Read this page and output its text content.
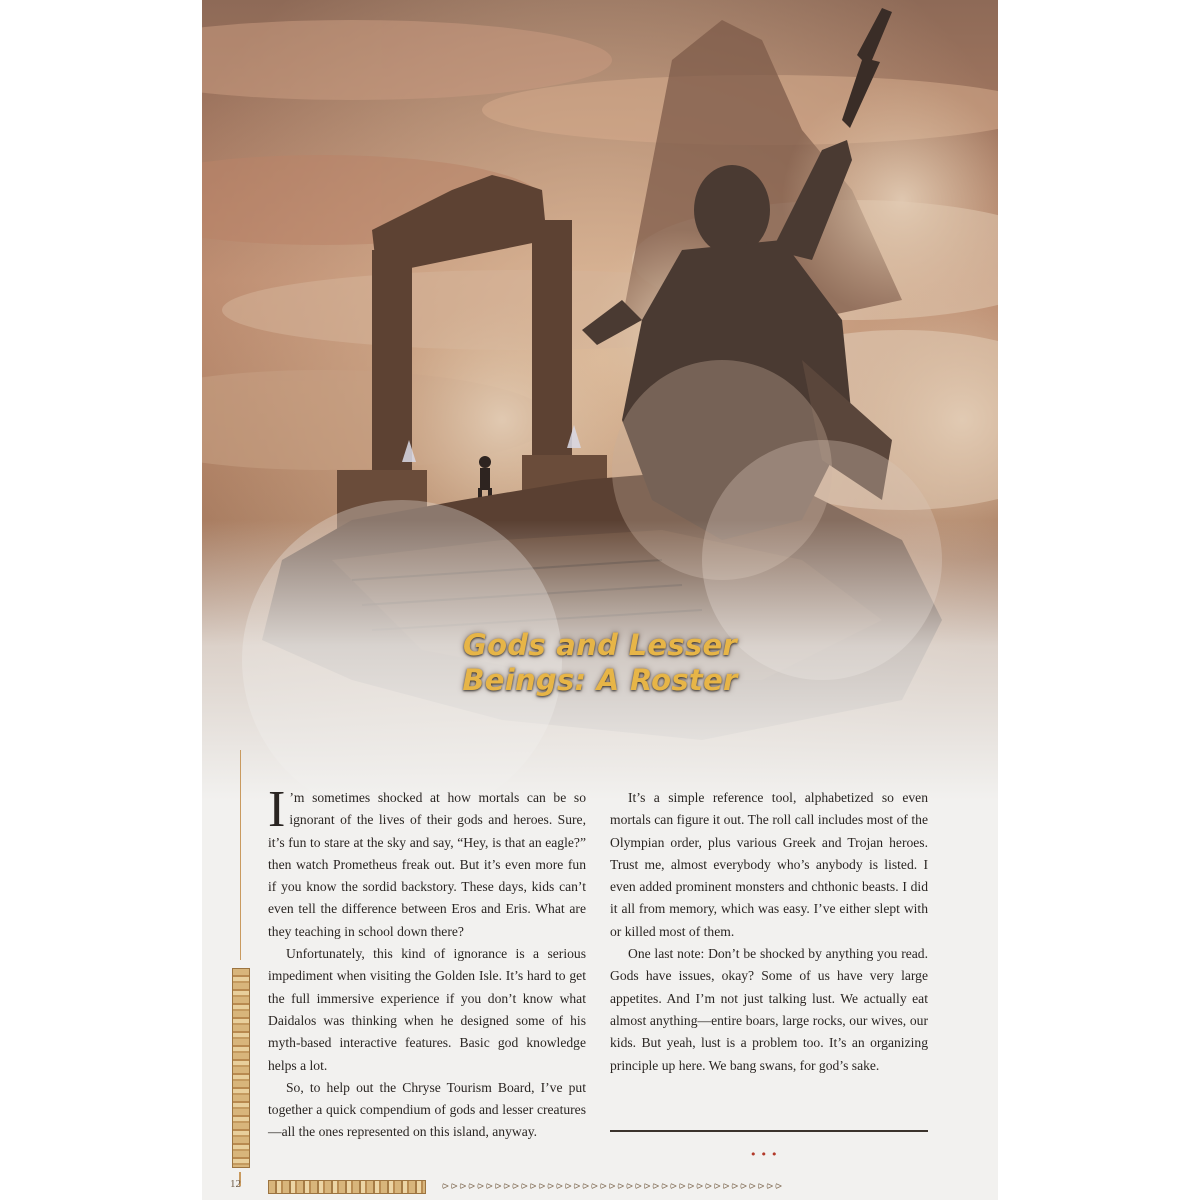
Gods and Lesser
Beings: A Roster

I ’m sometimes shocked at how mortals can be so ignorant of the lives of their gods and heroes. Sure, it’s fun to stare at the sky and say, “Hey, is that an eagle?” then watch Prometheus freak out. But it’s even more fun if you know the sordid backstory. These days, kids can’t even tell the difference between Eros and Eris. What are they teaching in school down there?

Unfortunately, this kind of ignorance is a serious impediment when visiting the Golden Isle. It’s hard to get the full immersive experience if you don’t know what Daidalos was thinking when he designed some of his myth-based interactive features. Basic god knowledge helps a lot.

So, to help out the Chryse Tourism Board, I’ve put together a quick compendium of gods and lesser creatures—all the ones represented on this island, anyway.

It’s a simple reference tool, alphabetized so even mortals can figure it out. The roll call includes most of the Olympian order, plus various Greek and Trojan heroes. Trust me, almost everybody who’s anybody is listed. I even added prominent monsters and chthonic beasts. I did it all from memory, which was easy. I’ve either slept with or killed most of them.

One last note: Don’t be shocked by anything you read. Gods have issues, okay? Some of us have very large appetites. And I’m not just talking lust. We actually eat almost anything—entire boars, large rocks, our wives, our kids. But yeah, lust is a problem too. It’s an organizing principle up here. We bang swans, for god’s sake.

•••
12	⪧⪧⪧⪧⪧⪧⪧⪧⪧⪧⪧⪧⪧⪧⪧⪧⪧⪧⪧⪧⪧⪧⪧⪧⪧⪧⪧⪧⪧⪧⪧⪧⪧⪧⪧⪧⪧⪧⪧
